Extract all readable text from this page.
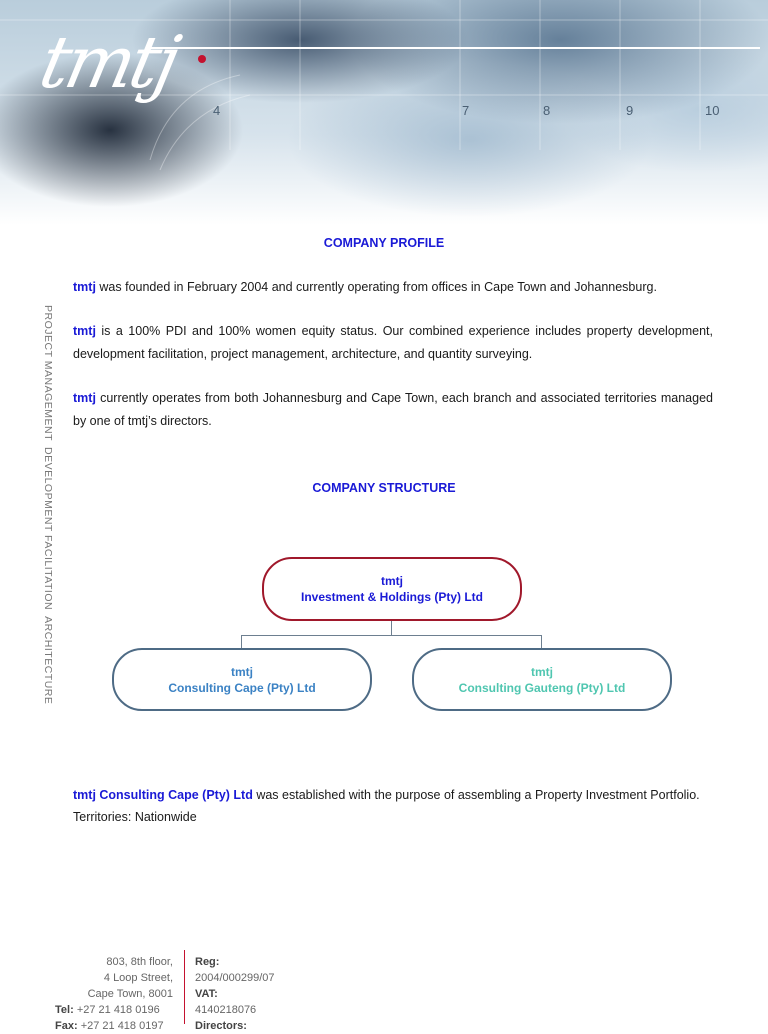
tmtj
4	7	8	9	10
PROJECT MANAGEMENT
DEVELOPMENT FACILITATION
ARCHITECTURE
COMPANY PROFILE
tmtj was founded in February 2004 and currently operating from offices in Cape Town and Johannesburg.
tmtj is a 100% PDI and 100% women equity status. Our combined experience includes property development, development facilitation, project management, architecture, and quantity surveying.
tmtj currently operates from both Johannesburg and Cape Town, each branch and associated territories managed by one of tmtj’s directors.
COMPANY STRUCTURE
tmtj
Investment & Holdings (Pty) Ltd
tmtj
Consulting Cape (Pty) Ltd
tmtj
Consulting Gauteng (Pty) Ltd
tmtj Consulting Cape (Pty) Ltd was established with the purpose of assembling a Property Investment Portfolio.
Territories: Nationwide
803, 8th floor,
4 Loop Street,
Cape Town, 8001
Tel: +27 21 418 0196
Fax: +27 21 418 0197
Reg:
2004/000299/07
VAT:
4140218076
Directors:
